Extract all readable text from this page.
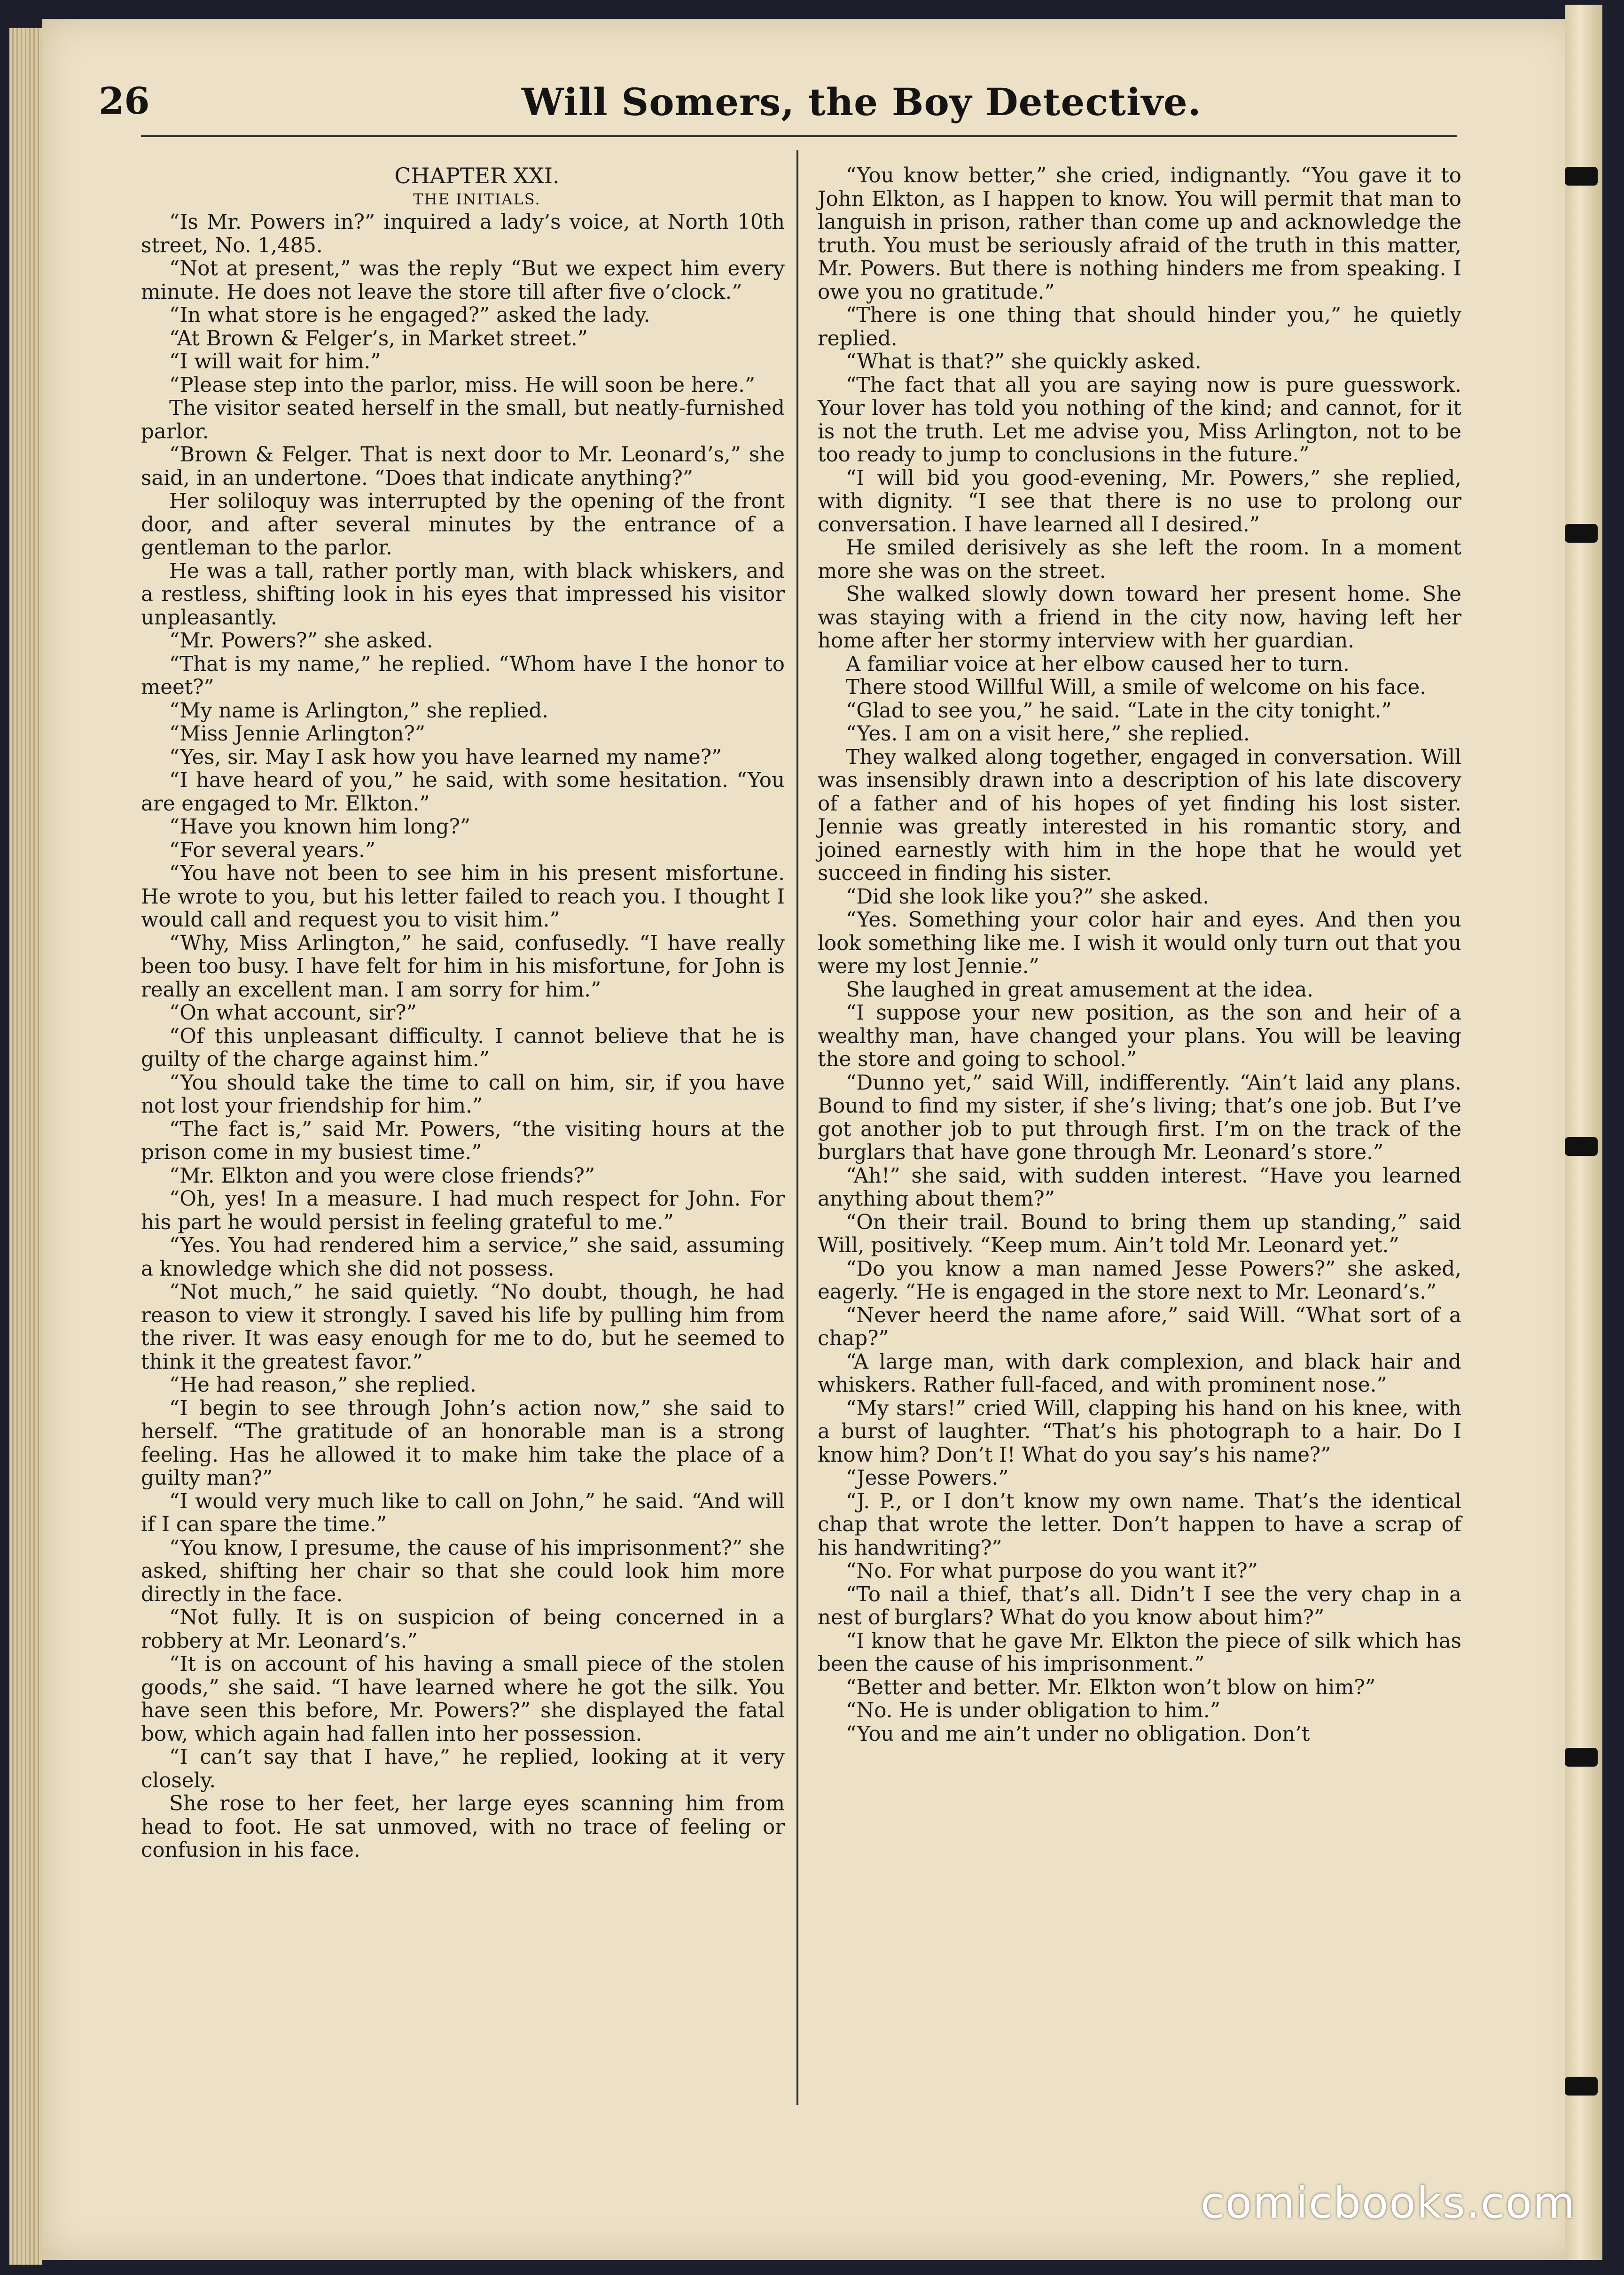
26	Will Somers, the Boy Detective.

CHAPTER XXI.

THE INITIALS.

“Is Mr. Powers in?” inquired a lady’s voice, at North 10th street, No. 1,485.

“Not at present,” was the reply “But we expect him every minute. He does not leave the store till after five o’clock.”

“In what store is he engaged?” asked the lady.

“At Brown & Felger’s, in Market street.”

“I will wait for him.”

“Please step into the parlor, miss. He will soon be here.”

The visitor seated herself in the small, but neatly-furnished parlor.

“Brown & Felger. That is next door to Mr. Leonard’s,” she said, in an undertone. “Does that indicate anything?”

Her soliloquy was interrupted by the opening of the front door, and after several minutes by the entrance of a gentleman to the parlor.

He was a tall, rather portly man, with black whiskers, and a restless, shifting look in his eyes that impressed his visitor unpleasantly.

“Mr. Powers?” she asked.

“That is my name,” he replied. “Whom have I the honor to meet?”

“My name is Arlington,” she replied.

“Miss Jennie Arlington?”

“Yes, sir. May I ask how you have learned my name?”

“I have heard of you,” he said, with some hesitation. “You are engaged to Mr. Elkton.”

“Have you known him long?”

“For several years.”

“You have not been to see him in his present misfortune. He wrote to you, but his letter failed to reach you. I thought I would call and request you to visit him.”

“Why, Miss Arlington,” he said, confusedly. “I have really been too busy. I have felt for him in his misfortune, for John is really an excellent man. I am sorry for him.”

“On what account, sir?”

“Of this unpleasant difficulty. I cannot believe that he is guilty of the charge against him.”

“You should take the time to call on him, sir, if you have not lost your friendship for him.”

“The fact is,” said Mr. Powers, “the visiting hours at the prison come in my busiest time.”

“Mr. Elkton and you were close friends?”

“Oh, yes! In a measure. I had much respect for John. For his part he would persist in feeling grateful to me.”

“Yes. You had rendered him a service,” she said, assuming a knowledge which she did not possess.

“Not much,” he said quietly. “No doubt, though, he had reason to view it strongly. I saved his life by pulling him from the river. It was easy enough for me to do, but he seemed to think it the greatest favor.”

“He had reason,” she replied.

“I begin to see through John’s action now,” she said to herself. “The gratitude of an honorable man is a strong feeling. Has he allowed it to make him take the place of a guilty man?”

“I would very much like to call on John,” he said. “And will if I can spare the time.”

“You know, I presume, the cause of his imprisonment?” she asked, shifting her chair so that she could look him more directly in the face.

“Not fully. It is on suspicion of being concerned in a robbery at Mr. Leonard’s.”

“It is on account of his having a small piece of the stolen goods,” she said. “I have learned where he got the silk. You have seen this before, Mr. Powers?” she displayed the fatal bow, which again had fallen into her possession.

“I can’t say that I have,” he replied, looking at it very closely.

She rose to her feet, her large eyes scanning him from head to foot. He sat unmoved, with no trace of feeling or confusion in his face.

“You know better,” she cried, indignantly. “You gave it to John Elkton, as I happen to know. You will permit that man to languish in prison, rather than come up and acknowledge the truth. You must be seriously afraid of the truth in this matter, Mr. Powers. But there is nothing hinders me from speaking. I owe you no gratitude.”

“There is one thing that should hinder you,” he quietly replied.

“What is that?” she quickly asked.

“The fact that all you are saying now is pure guesswork. Your lover has told you nothing of the kind; and cannot, for it is not the truth. Let me advise you, Miss Arlington, not to be too ready to jump to conclusions in the future.”

“I will bid you good-evening, Mr. Powers,” she replied, with dignity. “I see that there is no use to prolong our conversation. I have learned all I desired.”

He smiled derisively as she left the room. In a moment more she was on the street.

She walked slowly down toward her present home. She was staying with a friend in the city now, having left her home after her stormy interview with her guardian.

A familiar voice at her elbow caused her to turn.

There stood Willful Will, a smile of welcome on his face.

“Glad to see you,” he said. “Late in the city tonight.”

“Yes. I am on a visit here,” she replied.

They walked along together, engaged in conversation. Will was insensibly drawn into a description of his late discovery of a father and of his hopes of yet finding his lost sister. Jennie was greatly interested in his romantic story, and joined earnestly with him in the hope that he would yet succeed in finding his sister.

“Did she look like you?” she asked.

“Yes. Something your color hair and eyes. And then you look something like me. I wish it would only turn out that you were my lost Jennie.”

She laughed in great amusement at the idea.

“I suppose your new position, as the son and heir of a wealthy man, have changed your plans. You will be leaving the store and going to school.”

“Dunno yet,” said Will, indifferently. “Ain’t laid any plans. Bound to find my sister, if she’s living; that’s one job. But I’ve got another job to put through first. I’m on the track of the burglars that have gone through Mr. Leonard’s store.”

“Ah!” she said, with sudden interest. “Have you learned anything about them?”

“On their trail. Bound to bring them up standing,” said Will, positively. “Keep mum. Ain’t told Mr. Leonard yet.”

“Do you know a man named Jesse Powers?” she asked, eagerly. “He is engaged in the store next to Mr. Leonard’s.”

“Never heerd the name afore,” said Will. “What sort of a chap?”

“A large man, with dark complexion, and black hair and whiskers. Rather full-faced, and with prominent nose.”

“My stars!” cried Will, clapping his hand on his knee, with a burst of laughter. “That’s his photograph to a hair. Do I know him? Don’t I! What do you say’s his name?”

“Jesse Powers.”

“J. P., or I don’t know my own name. That’s the identical chap that wrote the letter. Don’t happen to have a scrap of his handwriting?”

“No. For what purpose do you want it?”

“To nail a thief, that’s all. Didn’t I see the very chap in a nest of burglars? What do you know about him?”

“I know that he gave Mr. Elkton the piece of silk which has been the cause of his imprisonment.”

“Better and better. Mr. Elkton won’t blow on him?”

“No. He is under obligation to him.”

“You and me ain’t under no obligation. Don’t

comicbooks.com
